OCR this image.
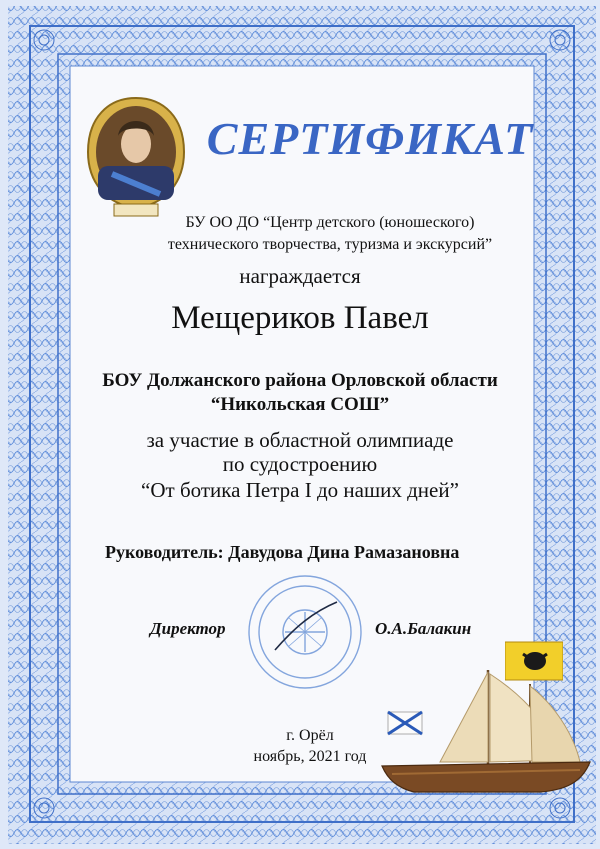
СЕРТИФИКАТ
БУ ОО ДО “Центр детского (юношеского)
технического творчества, туризма и экскурсий”
награждается
Мещериков Павел
БОУ Должанского района Орловской области
“Никольская СОШ”
за участие в областной олимпиаде
по судостроению
“От ботика Петра I до наших дней”
Руководитель: Давудова Дина Рамазановна
Директор	О.А.Балакин
г. Орёл
ноябрь, 2021 год
